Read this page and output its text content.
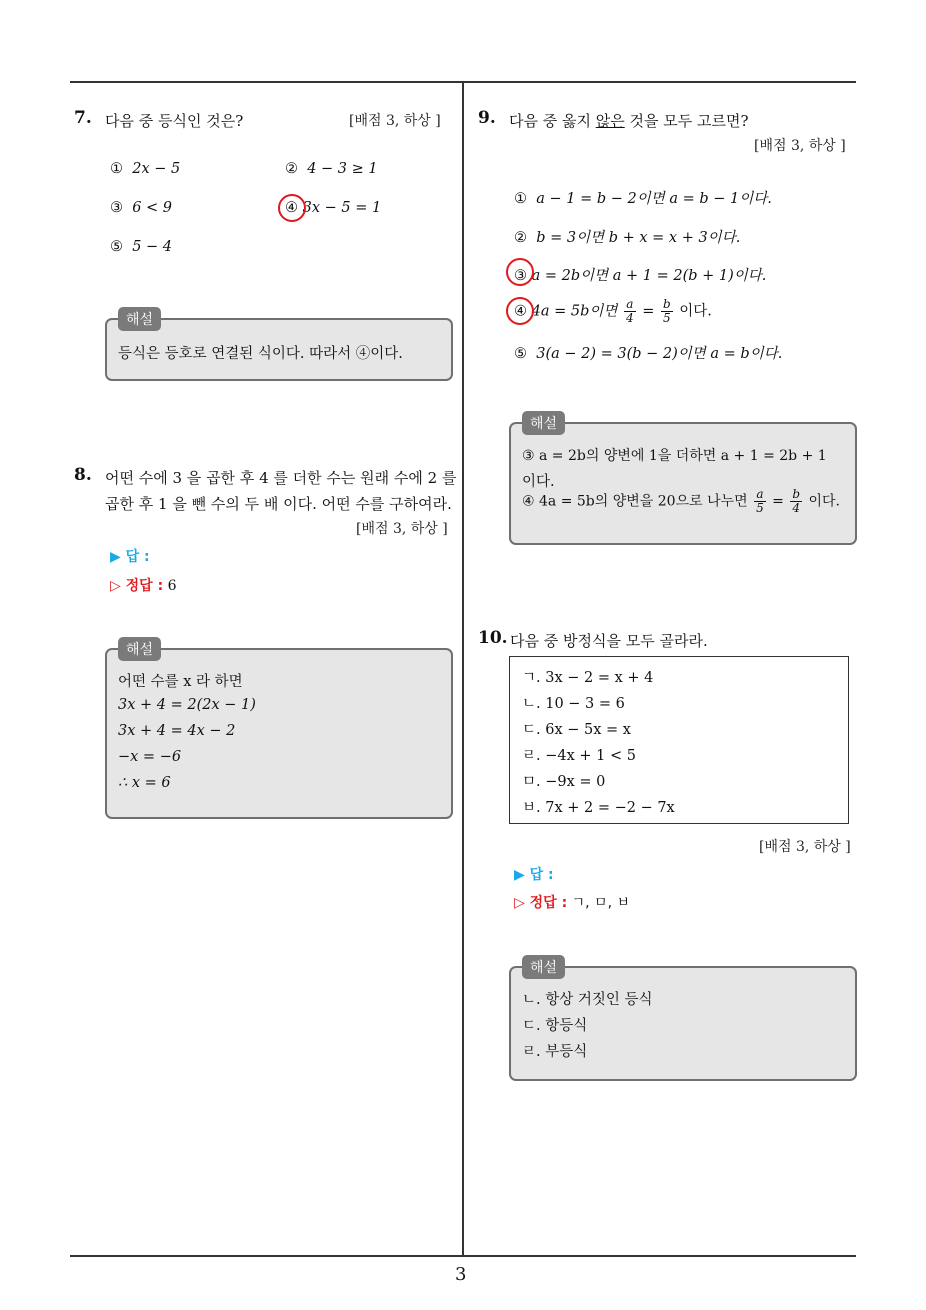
3
7. 다음 중 등식인 것은?	[배점 3, 하상 ]
① 2x − 5	② 4 − 3 ≥ 1
③ 6 < 9	④ 3x − 5 = 1
⑤ 5 − 4
해설
등식은 등호로 연결된 식이다. 따라서 ④이다.
8. 어떤 수에 3 을 곱한 후 4 를 더한 수는 원래 수에 2 를
곱한 후 1 을 뺀 수의 두 배 이다. 어떤 수를 구하여라.
[배점 3, 하상 ]
▶ 답 :
▷ 정답 : 6
해설
어떤 수를 x 라 하면
3x + 4 = 2(2x − 1)
3x + 4 = 4x − 2
−x = −6
∴ x = 6
9. 다음 중 옳지 않은 것을 모두 고르면?
[배점 3, 하상 ]
① a − 1 = b − 2이면 a = b − 1이다.
② b = 3이면 b + x = x + 3이다.
③ a = 2b이면 a + 1 = 2(b + 1)이다.
④ 4a = 5b이면 $\frac{a}{4} = \frac{b}{5}$ 이다.
⑤ 3(a − 2) = 3(b − 2)이면 a = b이다.
해설
③ a = 2b의 양변에 1을 더하면 a + 1 = 2b + 1
이다.
④ 4a = 5b의 양변을 20으로 나누면 $\frac{a}{5} = \frac{b}{4}$ 이다.
10. 다음 중 방정식을 모두 골라라.
ㄱ. 3x − 2 = x + 4
ㄴ. 10 − 3 = 6
ㄷ. 6x − 5x = x
ㄹ. −4x + 1 < 5
ㅁ. −9x = 0
ㅂ. 7x + 2 = −2 − 7x
[배점 3, 하상 ]
▶ 답 :
▷ 정답 : ㄱ, ㅁ, ㅂ
해설
ㄴ. 항상 거짓인 등식
ㄷ. 항등식
ㄹ. 부등식
